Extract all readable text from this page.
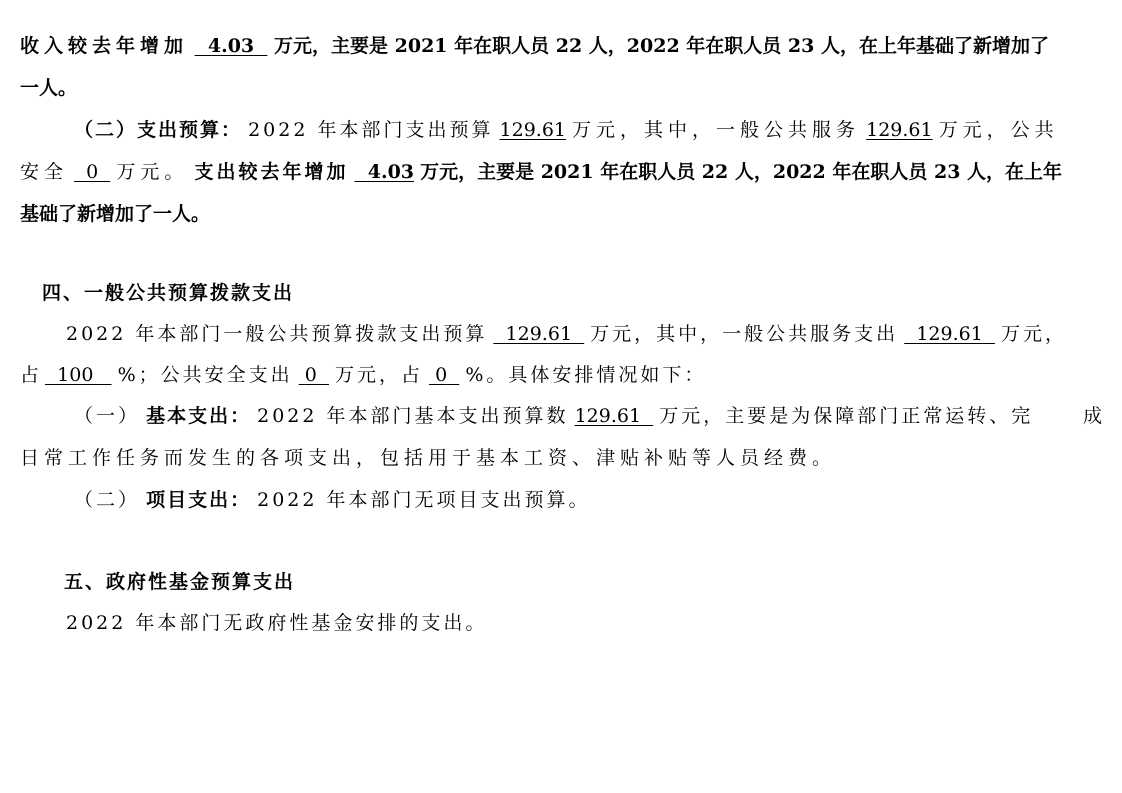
收入较去年增加 4.03 万元，主要是 2021 年在职人员 22 人，2022 年在职人员 23 人，在上年基础了新增加了
一人。
（二）支出预算： 2022 年本部门支出预算 129.61 万元，其中，一般公共服务 129.61 万元，公共
安全 0 万元。 支出较去年增加 4.03 万元，主要是 2021 年在职人员 22 人，2022 年在职人员 23 人，在上年
基础了新增加了一人。
四、一般公共预算拨款支出
2022 年本部门一般公共预算拨款支出预算 129.61 万元，其中，一般公共服务支出 129.61 万元，
占 100 %；公共安全支出 0 万元，占 0 %。具体安排情况如下：
（一） 基本支出： 2022 年本部门基本支出预算数 129.61 万元，主要是为保障部门正常运转、完	成
日常工作任务而发生的各项支出，包括用于基本工资、津贴补贴等人员经费。
（二） 项目支出： 2022 年本部门无项目支出预算。
五、政府性基金预算支出
2022 年本部门无政府性基金安排的支出。
